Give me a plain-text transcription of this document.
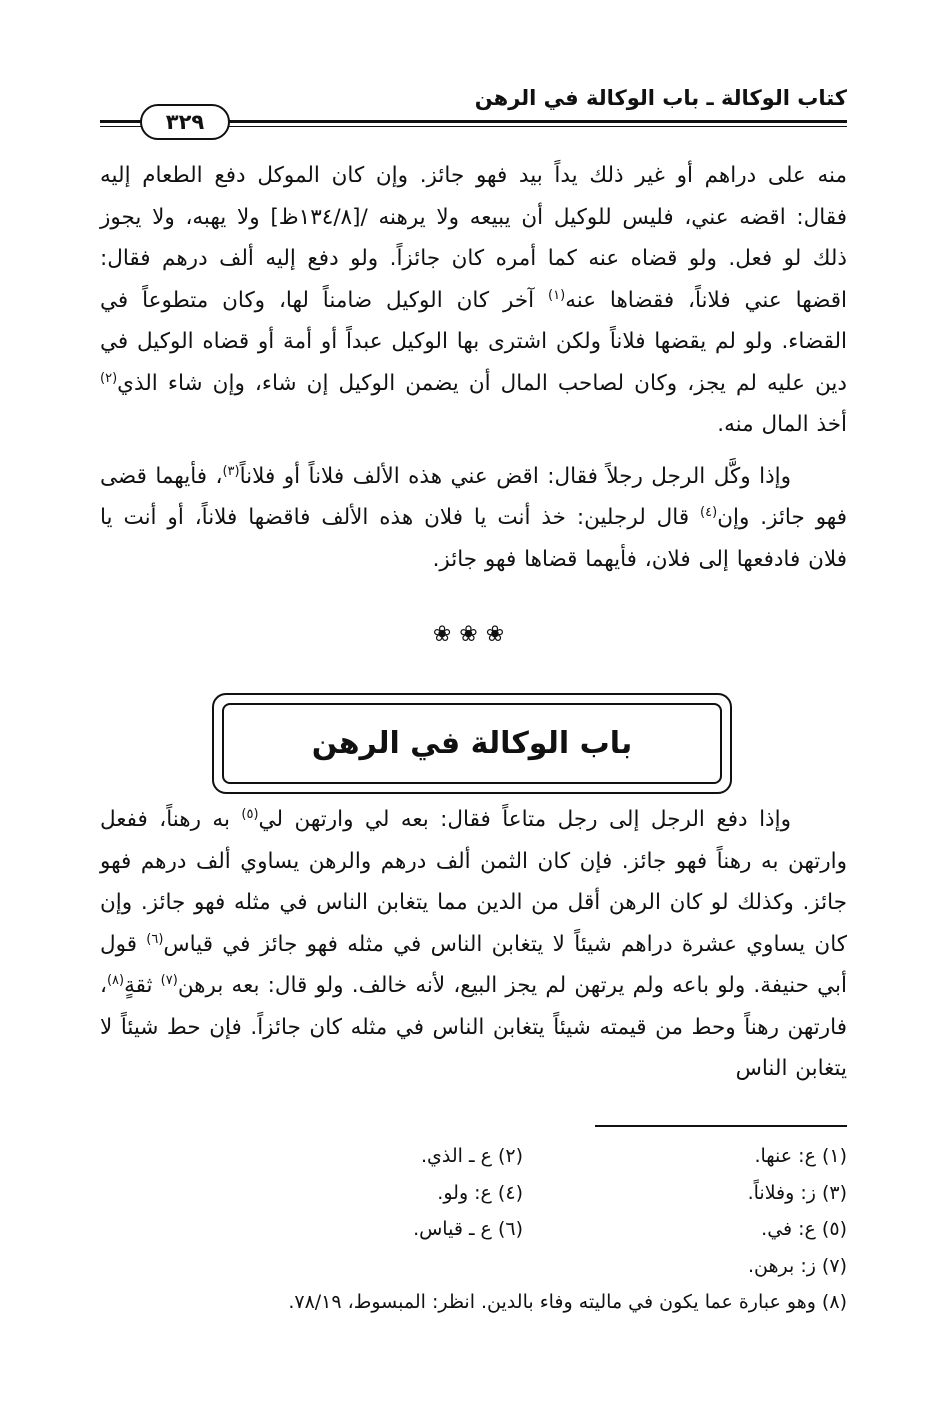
كتاب الوكالة ـ باب الوكالة في الرهن
٣٢٩

منه على دراهم أو غير ذلك يداً بيد فهو جائز. وإن كان الموكل دفع الطعام إليه فقال: اقضه عني، فليس للوكيل أن يبيعه ولا يرهنه /[١٣٤/٨ظ] ولا يهبه، ولا يجوز ذلك لو فعل. ولو قضاه عنه كما أمره كان جائزاً. ولو دفع إليه ألف درهم فقال: اقضها عني فلاناً، فقضاها عنه$^{(١)}$ آخر كان الوكيل ضامناً لها، وكان متطوعاً في القضاء. ولو لم يقضها فلاناً ولكن اشترى بها الوكيل عبداً أو أمة أو قضاه الوكيل في دين عليه لم يجز، وكان لصاحب المال أن يضمن الوكيل إن شاء، وإن شاء الذي$^{(٢)}$ أخذ المال منه.

وإذا وكَّل الرجل رجلاً فقال: اقض عني هذه الألف فلاناً أو فلاناً$^{(٣)}$، فأيهما قضى فهو جائز. وإن$^{(٤)}$ قال لرجلين: خذ أنت يا فلان هذه الألف فاقضها فلاناً، أو أنت يا فلان فادفعها إلى فلان، فأيهما قضاها فهو جائز.

❀❀❀
باب الوكالة في الرهن

وإذا دفع الرجل إلى رجل متاعاً فقال: بعه لي وارتهن لي$^{(٥)}$ به رهناً، ففعل وارتهن به رهناً فهو جائز. فإن كان الثمن ألف درهم والرهن يساوي ألف درهم فهو جائز. وكذلك لو كان الرهن أقل من الدين مما يتغابن الناس في مثله فهو جائز. وإن كان يساوي عشرة دراهم شيئاً لا يتغابن الناس في مثله فهو جائز في قياس$^{(٦)}$ قول أبي حنيفة. ولو باعه ولم يرتهن لم يجز البيع، لأنه خالف. ولو قال: بعه برهن$^{(٧)}$ ثقةٍ$^{(٨)}$، فارتهن رهناً وحط من قيمته شيئاً يتغابن الناس في مثله كان جائزاً. فإن حط شيئاً لا يتغابن الناس

(١) ع: عنها.
(٢) ع ـ الذي.
(٣) ز: وفلاناً.
(٤) ع: ولو.
(٥) ع: في.
(٦) ع ـ قياس.
(٧) ز: برهن.
(٨) وهو عبارة عما يكون في ماليته وفاء بالدين. انظر: المبسوط، ٧٨/١٩.
